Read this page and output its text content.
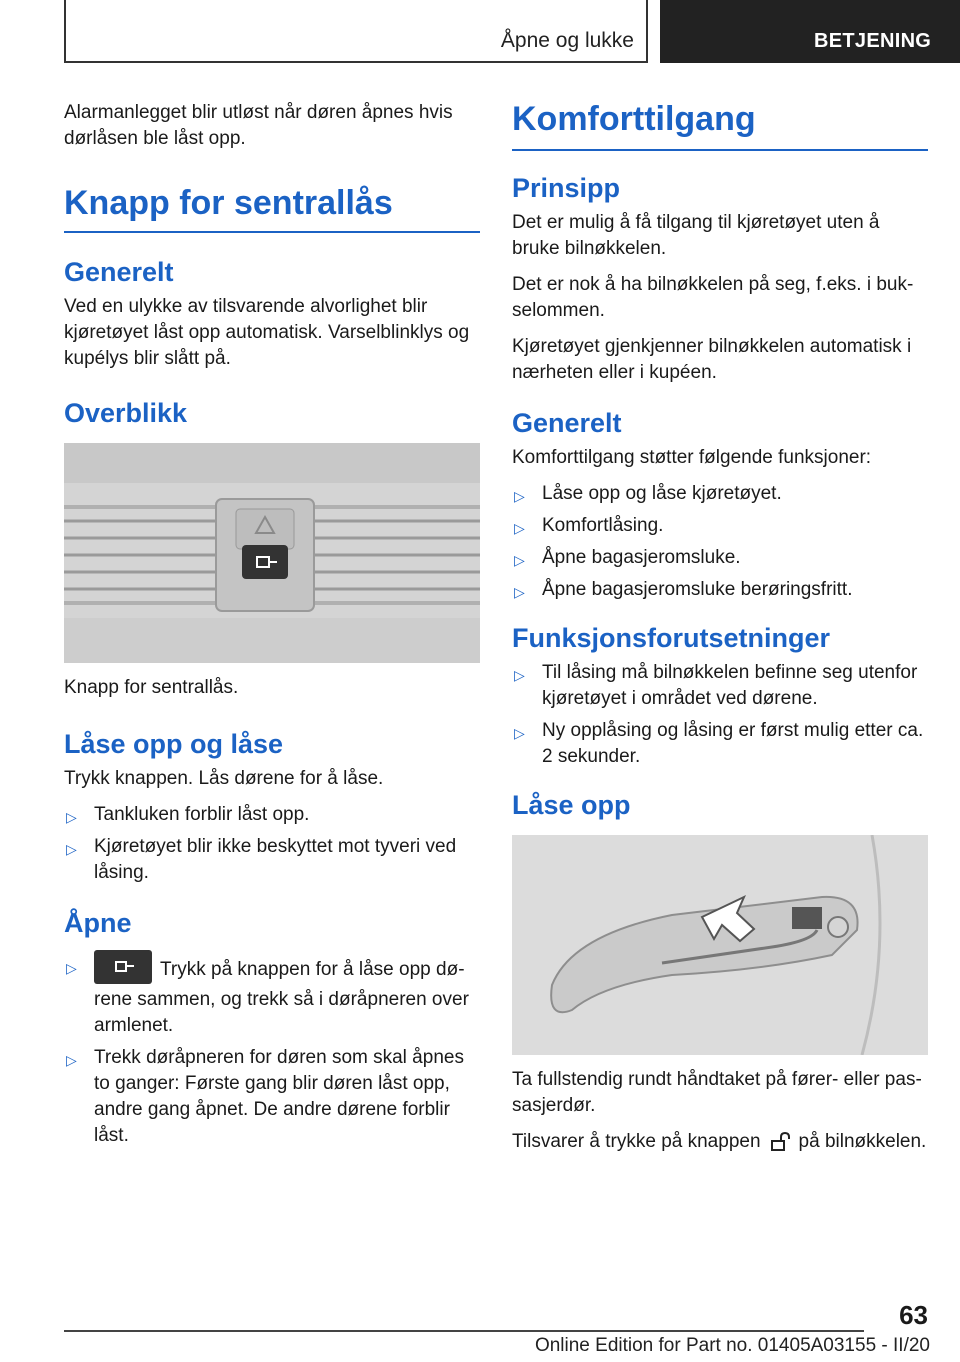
Åpne og lukke	BETJENING

Alarmanlegget blir utløst når døren åpnes hvis dørlåsen ble låst opp.

Knapp for sentrallås
Generelt

Ved en ulykke av tilsvarende alvorlighet blir kjøretøyet låst opp automatisk. Varselblinklys og kupélys blir slått på.

Overblikk
Knapp for sentrallås.
Låse opp og låse

Trykk knappen. Lås dørene for å låse.

▷ Tankluken forblir låst opp.
▷ Kjøretøyet blir ikke beskyttet mot tyveri ved låsing.
Åpne
▷	Trykk på knappen for å låse opp dørene sammen, og trekk så i døråpneren over armlenet.
▷ Trekk døråpneren for døren som skal åpnes to ganger: Første gang blir døren låst opp, andre gang åpnet. De andre dørene forblir låst.
Komforttilgang
Prinsipp

Det er mulig å få tilgang til kjøretøyet uten å bruke bilnøkkelen.

Det er nok å ha bilnøkkelen på seg, f.eks. i bukselommen.

Kjøretøyet gjenkjenner bilnøkkelen automatisk i nærheten eller i kupéen.

Generelt

Komforttilgang støtter følgende funksjoner:

▷ Låse opp og låse kjøretøyet.
▷ Komfortlåsing.
▷ Åpne bagasjeromsluke.
▷ Åpne bagasjeromsluke berøringsfritt.
Funksjonsforutsetninger
▷ Til låsing må bilnøkkelen befinne seg utenfor kjøretøyet i området ved dørene.
▷ Ny opplåsing og låsing er først mulig etter ca. 2 sekunder.
Låse opp

Ta fullstendig rundt håndtaket på fører- eller passasjerdør.

Tilsvarer å trykke på knappen på bilnøkkelen.

63
Online Edition for Part no. 01405A03155 - II/20
